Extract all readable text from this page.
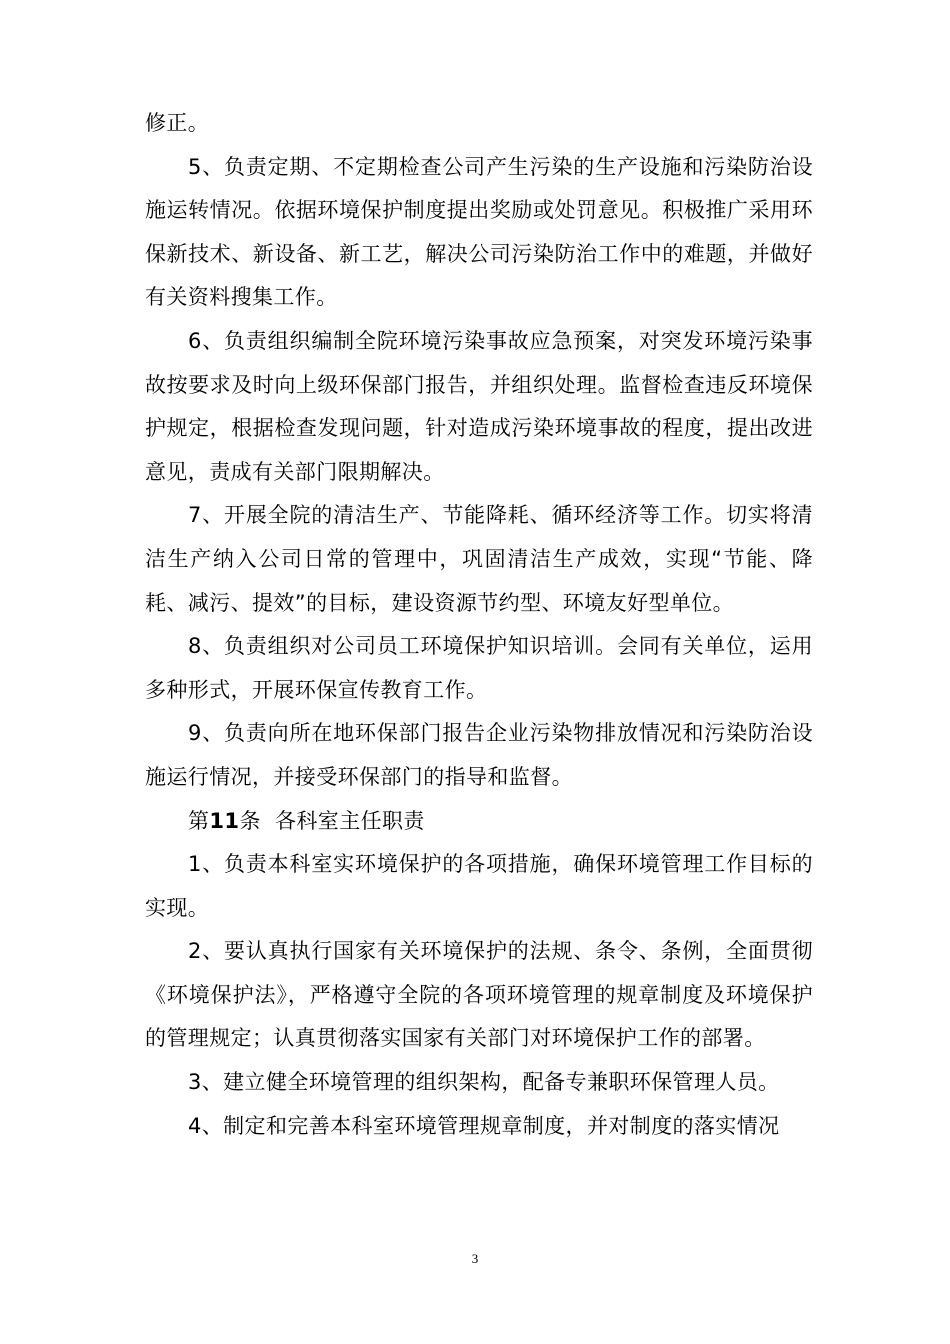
修正。

5、负责定期、不定期检查公司产生污染的生产设施和污染防治设施运转情况。依据环境保护制度提出奖励或处罚意见。积极推广采用环保新技术、新设备、新工艺，解决公司污染防治工作中的难题，并做好有关资料搜集工作。

6、负责组织编制全院环境污染事故应急预案，对突发环境污染事故按要求及时向上级环保部门报告，并组织处理。监督检查违反环境保护规定，根据检查发现问题，针对造成污染环境事故的程度，提出改进意见，责成有关部门限期解决。

7、开展全院的清洁生产、节能降耗、循环经济等工作。切实将清洁生产纳入公司日常的管理中，巩固清洁生产成效，实现“节能、降耗、减污、提效”的目标，建设资源节约型、环境友好型单位。

8、负责组织对公司员工环境保护知识培训。会同有关单位，运用多种形式，开展环保宣传教育工作。

9、负责向所在地环保部门报告企业污染物排放情况和污染防治设施运行情况，并接受环保部门的指导和监督。

第11条  各科室主任职责

1、负责本科室实环境保护的各项措施，确保环境管理工作目标的实现。

2、要认真执行国家有关环境保护的法规、条令、条例，全面贯彻《环境保护法》，严格遵守全院的各项环境管理的规章制度及环境保护的管理规定；认真贯彻落实国家有关部门对环境保护工作的部署。

3、建立健全环境管理的组织架构，配备专兼职环保管理人员。

4、制定和完善本科室环境管理规章制度，并对制度的落实情况

3
